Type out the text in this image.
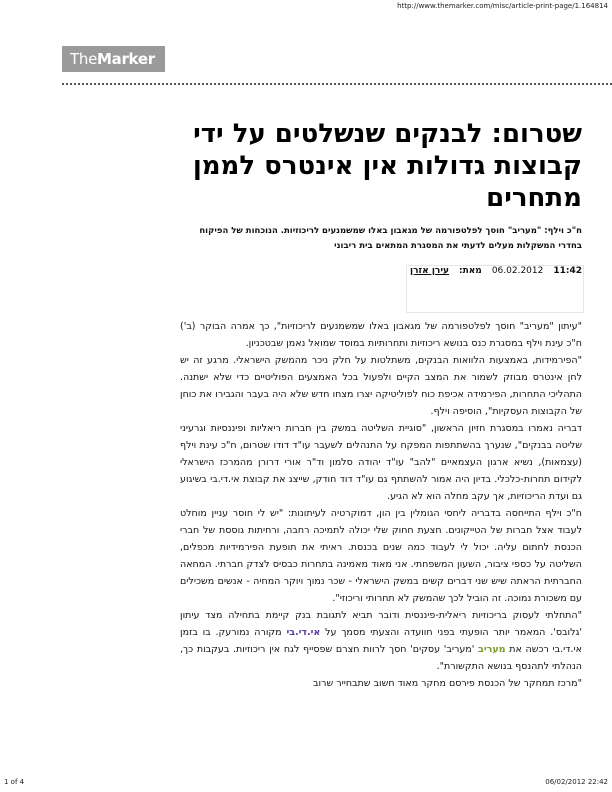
http://www.themarker.com/misc/article-print-page/1.164814
The Marker
שטרום: לבנקים שנשלטים על ידי קבוצות גדולות אין אינטרס לממן מתחרים
ח"כ וילף: "מעריב" חוסך לפלטפורמה של מגאבון באלו שמשמנעים לריכוזיות. הנוכחות של הפיקוח בחדרי המשקלות מעלים לדעתי את המסגרת המתאים בית ריבוני
11:42
06.02.2012
מאת:
עירן אזרן

"עיתון "מעריב" חוסך לפלטפורמה של מגאבון באלו שמשמנעים לריכוזיות", כך אמרה הבוקר (ב') ח"כ עינת וילף במסגרת כנס בנושא ריכוזיות ותחרותיות במוסד שמואל נאמן שבטכניון.

"הפירמידות, באמצעות הלוואות הבנקים, משתלטות על חלק ניכר מהמשק הישראלי. מרגע זה יש לחן אינטרס מבוזק לשמור את המצב הקיים ולפעול בכל האמצעים הפוליטיים כדי שלא ישתנה. התהליכי התחרות, הפירמידה אכיפת כוח לפוליטיקה יצרו מצחו חדש שלא היה בעבר והגבירו את כוחן של הקבוצות העסקיות", הוסיפה וילף.

דבריה נאמרו במסגרת חזיון הראשון, "סוגיית השליטה במשק בין חברות ריאליות ופיננסיות וגרעיני שליטה בבנקים", שנערך בהשתתפות המפקח על התנהלים לשעבר עו"ד דודו שטרום, ח"כ עינת וילף (עצמאות), נשיא ארגון העצמאיים "להב" עו"ד יהודה סלמון וד"ר אורי דרורן מהמרכז הישראלי לקידום תחרות-כלכלי. בדיון היה אמור להשתתף גם עו"ד דוד חודק, שייצג את קבוצת אי.די.בי בשיגוע גם ועדת הריכוזיות, אך עקב מחלה הוא לא הגיע.

ח"כ וילף התייחסה בדבריה ליחסי הגומלין בין הון, דמוקרטיה לעיתונות: "יש לי חוסר עניין מוחלט לעבוד אצל חברות של הטייקונים. חצעת חחוק שלי יכולה לתמיכה רחבה, ורחיתות גוססת של חברי הכנסת לחתום עליה. יכול לי לעבוד כמה שנים בכנסת. ראיתי את תופעת הפירמידיות מכפלים, השליטה על כספי ציבור, השעון המשפחתי. אני מאוד מאמינה בתחרות כבסיס לצדק חברתי. המחאה החברתית הראתה שיש שני דברים קשים במשק הישראלי - שכר נמוך ויוקר המחיה - אנשים משכילים עם משכורת נמוכה. זה הוביל לכך שהמשק לא תחרותי וריכוזי".

"התחלתי לעסוק בריכוזיות ריאלית-פיננסית ודובר תביא לתגובת בנק קיימת בתחילה מצד עיתון 'גלובס'. המאמר יותר הופעתי בפני חוועדה והצעתי מסמך על אי.די.בי מקורה נמורעק. בו בזמן אי.די.בי רכשה את מעריב 'מעריב' עסקים' חסך לרוות חצרם שפסייף לגח אין ריכוזיות. בעקבות כך, הנהלתי לתהנסף בנושא התקשורת".

"מרכז תמחקר של הכנסת פירסם מחקר מאוד חשוב שתבחייר שרוב

1 of 4	06/02/2012 22:42
